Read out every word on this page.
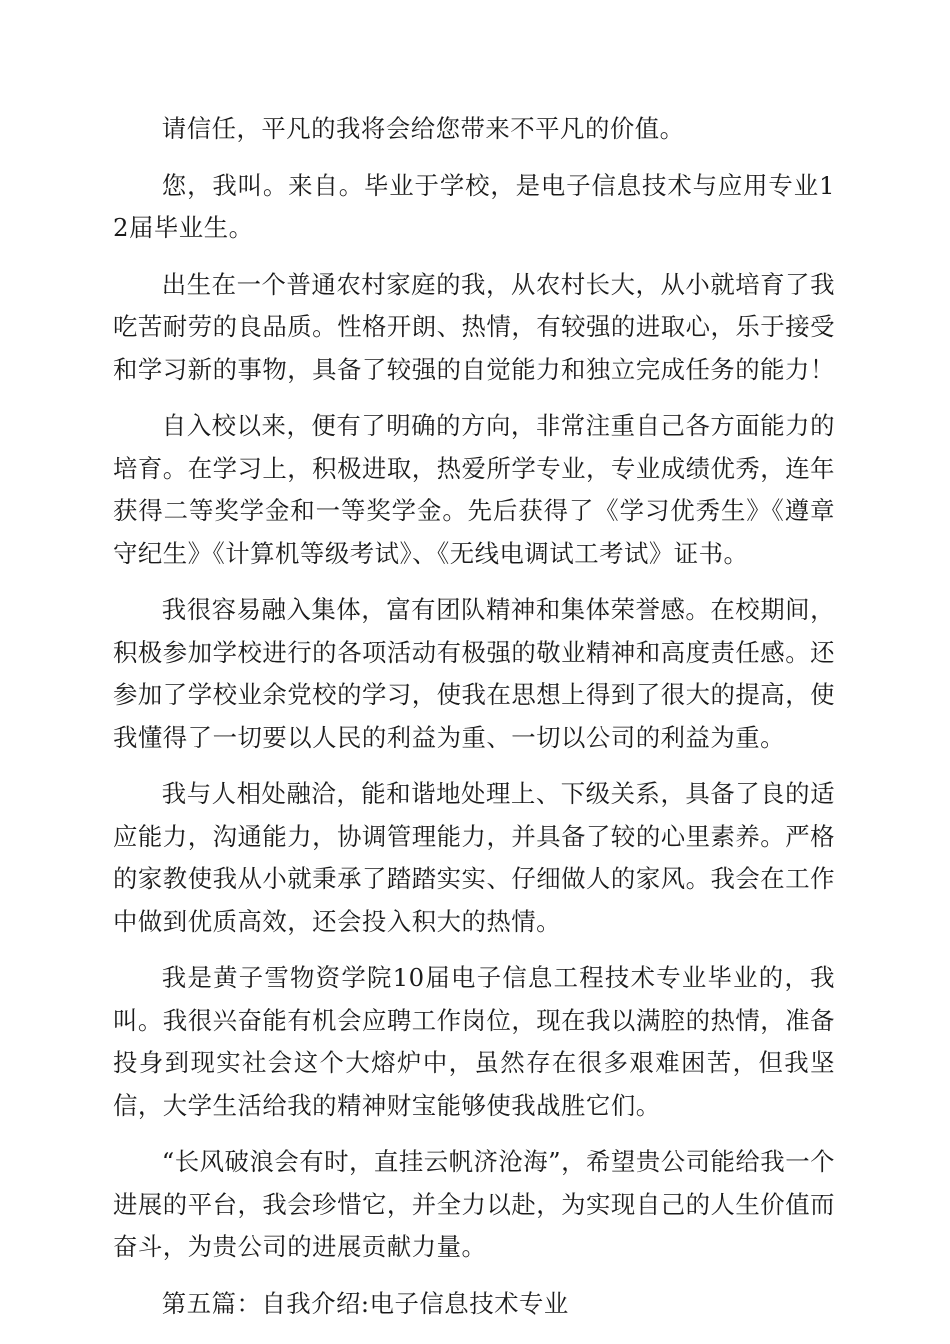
请信任，平凡的我将会给您带来不平凡的价值。

您，我叫。来自。毕业于学校，是电子信息技术与应用专业12届毕业生。

出生在一个普通农村家庭的我，从农村长大，从小就培育了我吃苦耐劳的良品质。性格开朗、热情，有较强的进取心，乐于接受和学习新的事物，具备了较强的自觉能力和独立完成任务的能力！

自入校以来，便有了明确的方向，非常注重自己各方面能力的培育。在学习上，积极进取，热爱所学专业，专业成绩优秀，连年获得二等奖学金和一等奖学金。先后获得了《学习优秀生》《遵章守纪生》《计算机等级考试》、《无线电调试工考试》证书。

我很容易融入集体，富有团队精神和集体荣誉感。在校期间，积极参加学校进行的各项活动有极强的敬业精神和高度责任感。还参加了学校业余党校的学习，使我在思想上得到了很大的提高，使我懂得了一切要以人民的利益为重、一切以公司的利益为重。

我与人相处融洽，能和谐地处理上、下级关系，具备了良的适应能力，沟通能力，协调管理能力，并具备了较的心里素养。严格的家教使我从小就秉承了踏踏实实、仔细做人的家风。我会在工作中做到优质高效，还会投入积大的热情。

我是黄子雪物资学院10届电子信息工程技术专业毕业的，我叫。我很兴奋能有机会应聘工作岗位，现在我以满腔的热情，准备投身到现实社会这个大熔炉中，虽然存在很多艰难困苦，但我坚信，大学生活给我的精神财宝能够使我战胜它们。

“长风破浪会有时，直挂云帆济沧海”，希望贵公司能给我一个进展的平台，我会珍惜它，并全力以赴，为实现自己的人生价值而奋斗，为贵公司的进展贡献力量。

第五篇：自我介绍:电子信息技术专业
